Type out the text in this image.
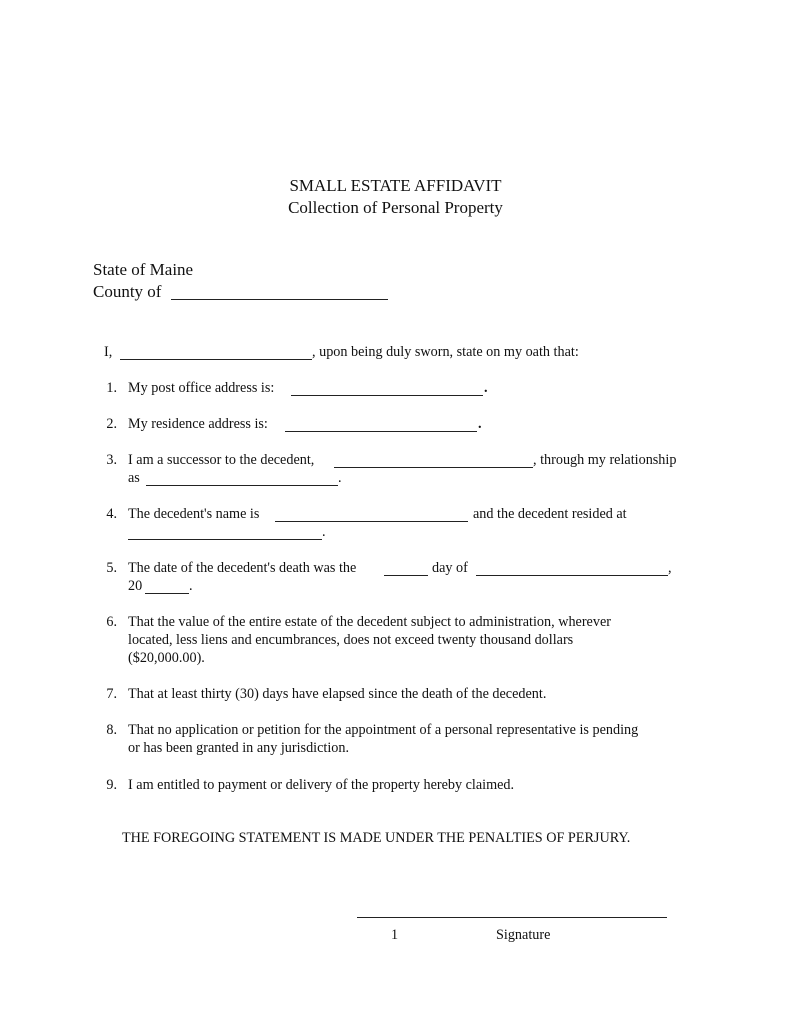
SMALL ESTATE AFFIDAVIT
Collection of Personal Property
State of Maine
County of
I,	, upon being duly sworn, state on my oath that:
1. My post office address is:	.
2. My residence address is:	.
3. I am a successor to the decedent,	, through my relationship
as	.
4. The decedent's name is	and the decedent resided at
.
5. The date of the decedent's death was the	day of	,
20	.
6. That the value of the entire estate of the decedent subject to administration, wherever
located, less liens and encumbrances, does not exceed twenty thousand dollars
($20,000.00).
7. That at least thirty (30) days have elapsed since the death of the decedent.
8. That no application or petition for the appointment of a personal representative is pending
or has been granted in any jurisdiction.
9. I am entitled to payment or delivery of the property hereby claimed.
THE FOREGOING STATEMENT IS MADE UNDER THE PENALTIES OF PERJURY.
1	Signature
